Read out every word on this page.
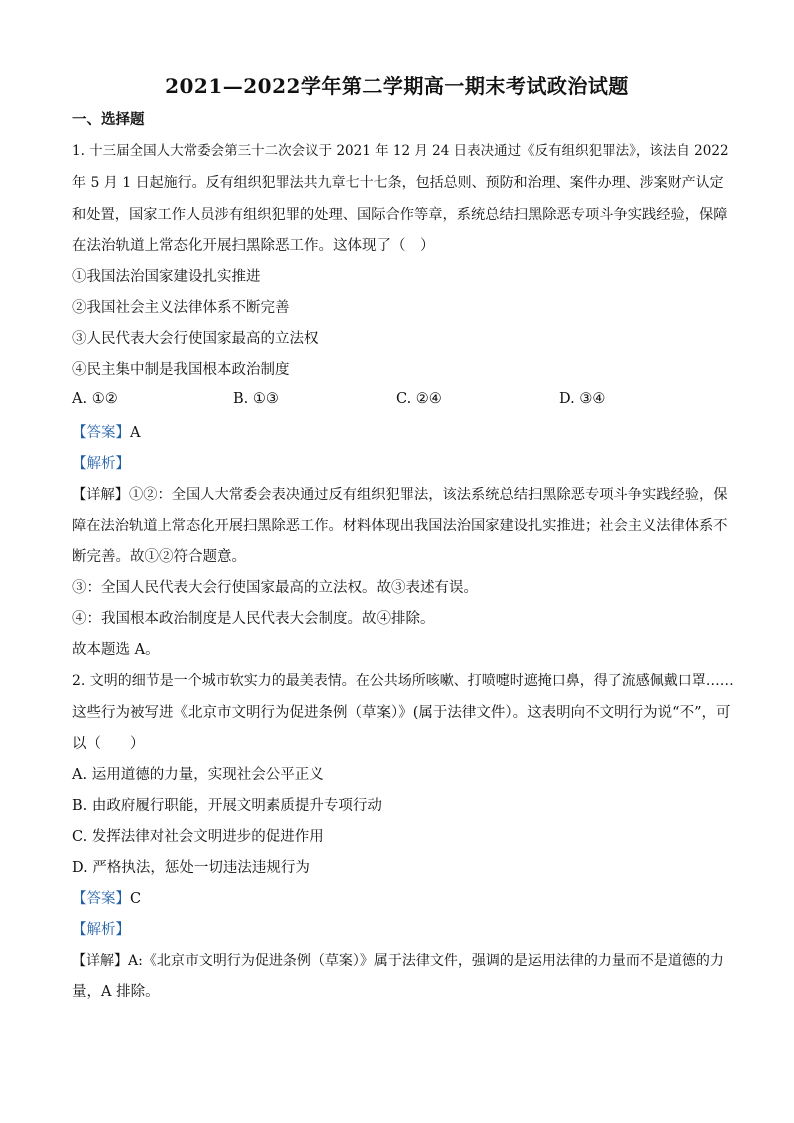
2021—2022学年第二学期高一期末考试政治试题
一、选择题
1. 十三届全国人大常委会第三十二次会议于 2021 年 12 月 24 日表决通过《反有组织犯罪法》，该法自 2022
年 5 月 1 日起施行。反有组织犯罪法共九章七十七条，包括总则、预防和治理、案件办理、涉案财产认定
和处置，国家工作人员涉有组织犯罪的处理、国际合作等章，系统总结扫黑除恶专项斗争实践经验，保障
在法治轨道上常态化开展扫黑除恶工作。这体现了（　）
①我国法治国家建设扎实推进
②我国社会主义法律体系不断完善
③人民代表大会行使国家最高的立法权
④民主集中制是我国根本政治制度
A. ①②	B. ①③	C. ②④	D. ③④
【答案】A
【解析】
【详解】①②：全国人大常委会表决通过反有组织犯罪法，该法系统总结扫黑除恶专项斗争实践经验，保
障在法治轨道上常态化开展扫黑除恶工作。材料体现出我国法治国家建设扎实推进；社会主义法律体系不
断完善。故①②符合题意。
③：全国人民代表大会行使国家最高的立法权。故③表述有误。
④：我国根本政治制度是人民代表大会制度。故④排除。
故本题选 A。
2. 文明的细节是一个城市软实力的最美表情。在公共场所咳嗽、打喷嚏时遮掩口鼻，得了流感佩戴口罩……
这些行为被写进《北京市文明行为促进条例（草案）》(属于法律文件）。这表明向不文明行为说“不”，可
以（　　）
A. 运用道德的力量，实现社会公平正义
B. 由政府履行职能，开展文明素质提升专项行动
C. 发挥法律对社会文明进步的促进作用
D. 严格执法，惩处一切违法违规行为
【答案】C
【解析】
【详解】A:《北京市文明行为促进条例（草案）》属于法律文件，强调的是运用法律的力量而不是道德的力
量，A 排除。
